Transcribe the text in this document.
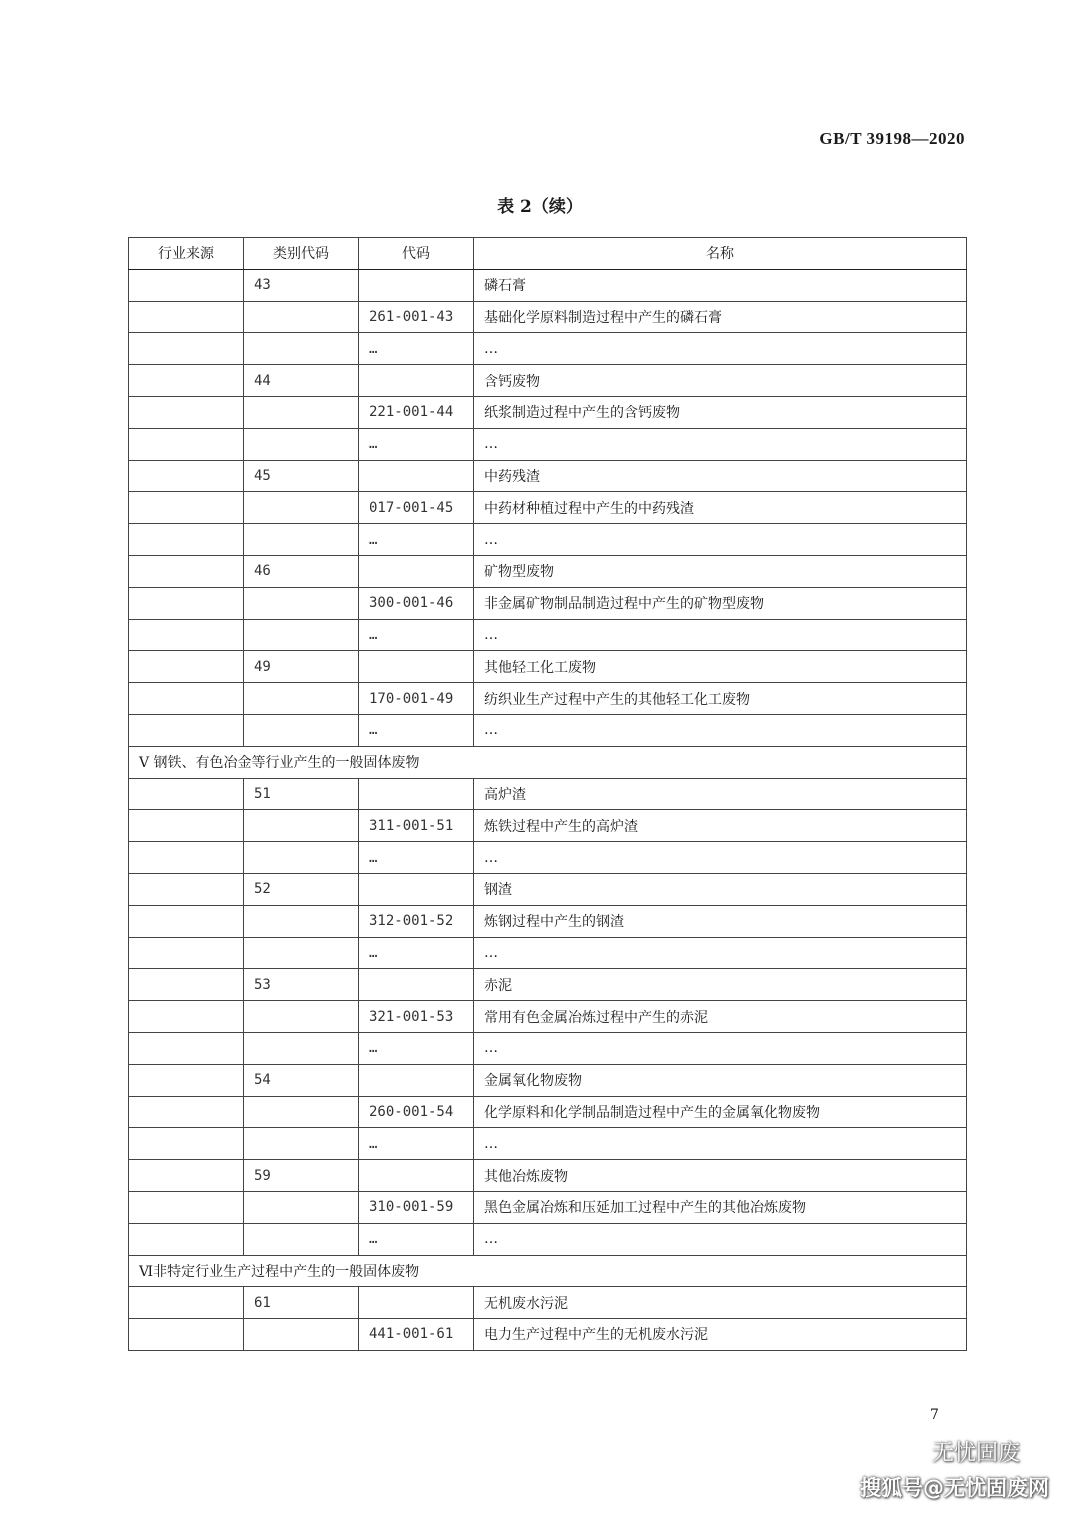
GB/T 39198—2020
表 2（续）
行业来源	类别代码	代码	名称
	43		磷石膏
		261-001-43	基础化学原料制造过程中产生的磷石膏
		…	…
	44		含钙废物
		221-001-44	纸浆制造过程中产生的含钙废物
		…	…
	45		中药残渣
		017-001-45	中药材种植过程中产生的中药残渣
		…	…
	46		矿物型废物
		300-001-46	非金属矿物制品制造过程中产生的矿物型废物
		…	…
	49		其他轻工化工废物
		170-001-49	纺织业生产过程中产生的其他轻工化工废物
		…	…
V 钢铁、有色冶金等行业产生的一般固体废物			
	51		高炉渣
		311-001-51	炼铁过程中产生的高炉渣
		…	…
	52		钢渣
		312-001-52	炼钢过程中产生的钢渣
		…	…
	53		赤泥
		321-001-53	常用有色金属冶炼过程中产生的赤泥
		…	…
	54		金属氧化物废物
		260-001-54	化学原料和化学制品制造过程中产生的金属氧化物废物
		…	…
	59		其他冶炼废物
		310-001-59	黑色金属冶炼和压延加工过程中产生的其他冶炼废物
		…	…
Ⅵ非特定行业生产过程中产生的一般固体废物			
	61		无机废水污泥
		441-001-61	电力生产过程中产生的无机废水污泥
7
无忧固废
搜狐号@无忧固废网
